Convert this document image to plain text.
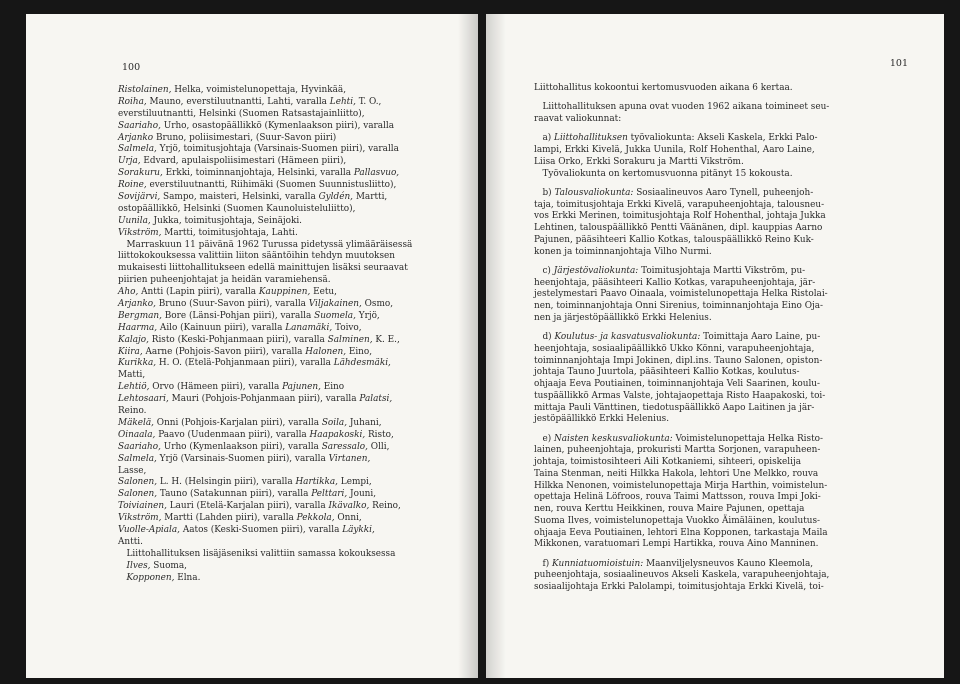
100
Ristolainen, Helka, voimistelunopettaja, Hyvinkää,
Roiha, Mauno, everstiluutnantti, Lahti, varalla Lehti, T. O.,
everstiluutnantti, Helsinki (Suomen Ratsastajainliitto),
Saariaho, Urho, osastopäällikkö (Kymenlaakson piiri), varalla
Arjanko Bruno, poliisimestari, (Suur-Savon piiri)
Salmela, Yrjö, toimitusjohtaja (Varsinais-Suomen piiri), varalla
Urja, Edvard, apulaispoliisimestari (Hämeen piiri),
Sorakuru, Erkki, toiminnanjohtaja, Helsinki, varalla Pallasvuo,
Roine, everstiluutnantti, Riihimäki (Suomen Suunnistusliitto),
Sovijärvi, Sampo, maisteri, Helsinki, varalla Gyldén, Martti,
ostopäällikkö, Helsinki (Suomen Kaunoluisteluliitto),
Uunila, Jukka, toimitusjohtaja, Seinäjoki.
Vikström, Martti, toimitusjohtaja, Lahti.
Marraskuun 11 päivänä 1962 Turussa pidetyssä ylimääräisessä
liittokokouksessa valittiin liiton sääntöihin tehdyn muutoksen
mukaisesti liittohallitukseen edellä mainittujen lisäksi seuraavat
piirien puheenjohtajat ja heidän varamiehensä.
Aho, Antti (Lapin piiri), varalla Kauppinen, Eetu,
Arjanko, Bruno (Suur-Savon piiri), varalla Viljakainen, Osmo,
Bergman, Bore (Länsi-Pohjan piiri), varalla Suomela, Yrjö,
Haarma, Ailo (Kainuun piiri), varalla Lanamäki, Toivo,
Kalajo, Risto (Keski-Pohjanmaan piiri), varalla Salminen, K. E.,
Kiira, Aarne (Pohjois-Savon piiri), varalla Halonen, Eino,
Kurikka, H. O. (Etelä-Pohjanmaan piiri), varalla Lähdesmäki,
Matti,
Lehtiö, Orvo (Hämeen piiri), varalla Pajunen, Eino
Lehtosaari, Mauri (Pohjois-Pohjanmaan piiri), varalla Palatsi,
Reino.
Mäkelä, Onni (Pohjois-Karjalan piiri), varalla Soila, Juhani,
Oinaala, Paavo (Uudenmaan piiri), varalla Haapakoski, Risto,
Saariaho, Urho (Kymenlaakson piiri), varalla Saressalo, Olli,
Salmela, Yrjö (Varsinais-Suomen piiri), varalla Virtanen,
Lasse,
Salonen, L. H. (Helsingin piiri), varalla Hartikka, Lempi,
Salonen, Tauno (Satakunnan piiri), varalla Pelttari, Jouni,
Toiviainen, Lauri (Etelä-Karjalan piiri), varalla Ikävalko, Reino,
Vikström, Martti (Lahden piiri), varalla Pekkola, Onni,
Vuolle-Apiala, Aatos (Keski-Suomen piiri), varalla Läykki,
Antti.
Liittohallituksen lisäjäseniksi valittiin samassa kokouksessa
Ilves, Suoma,
Kopponen, Elna.
101
Liittohallitus kokoontui kertomusvuoden aikana 6 kertaa.
Liittohallituksen apuna ovat vuoden 1962 aikana toimineet seu-
raavat valiokunnat:
a) Liittohallituksen työvaliokunta: Akseli Kaskela, Erkki Palo-
lampi, Erkki Kivelä, Jukka Uunila, Rolf Hohenthal, Aaro Laine,
Liisa Orko, Erkki Sorakuru ja Martti Vikström.
Työvaliokunta on kertomusvuonna pitänyt 15 kokousta.
b) Talousvaliokunta: Sosiaalineuvos Aaro Tynell, puheenjoh-
taja, toimitusjohtaja Erkki Kivelä, varapuheenjohtaja, talousneu-
vos Erkki Merinen, toimitusjohtaja Rolf Hohenthal, johtaja Jukka
Lehtinen, talouspäällikkö Pentti Väänänen, dipl. kauppias Aarno
Pajunen, pääsihteeri Kallio Kotkas, talouspäällikkö Reino Kuk-
konen ja toiminnanjohtaja Vilho Nurmi.
c) Järjestövaliokunta: Toimitusjohtaja Martti Vikström, pu-
heenjohtaja, pääsihteeri Kallio Kotkas, varapuheenjohtaja, jär-
jestelymestari Paavo Oinaala, voimistelunopettaja Helka Ristolai-
nen, toiminnanjohtaja Onni Sirenius, toiminnanjohtaja Eino Oja-
nen ja järjestöpäällikkö Erkki Helenius.
d) Koulutus- ja kasvatusvaliokunta: Toimittaja Aaro Laine, pu-
heenjohtaja, sosiaalipäällikkö Ukko Könni, varapuheenjohtaja,
toiminnanjohtaja Impi Jokinen, dipl.ins. Tauno Salonen, opiston-
johtaja Tauno Juurtola, pääsihteeri Kallio Kotkas, koulutus-
ohjaaja Eeva Poutiainen, toiminnanjohtaja Veli Saarinen, koulu-
tuspäällikkö Armas Valste, johtajaopettaja Risto Haapakoski, toi-
mittaja Pauli Vänttinen, tiedotuspäällikkö Aapo Laitinen ja jär-
jestöpäällikkö Erkki Helenius.
e) Naisten keskusvaliokunta: Voimistelunopettaja Helka Risto-
lainen, puheenjohtaja, prokuristi Martta Sorjonen, varapuheen-
johtaja, toimistosihteeri Aili Kotkaniemi, sihteeri, opiskelija
Taina Stenman, neiti Hilkka Hakola, lehtori Une Melkko, rouva
Hilkka Nenonen, voimistelunopettaja Mirja Harthin, voimistelun-
opettaja Helinä Löfroos, rouva Taimi Mattsson, rouva Impi Joki-
nen, rouva Kerttu Heikkinen, rouva Maire Pajunen, opettaja
Suoma Ilves, voimistelunopettaja Vuokko Äimäläinen, koulutus-
ohjaaja Eeva Poutiainen, lehtori Elna Kopponen, tarkastaja Maila
Mikkonen, varatuomari Lempi Hartikka, rouva Aino Manninen.
f) Kunniatuomioistuin: Maanviljelysneuvos Kauno Kleemola,
puheenjohtaja, sosiaalineuvos Akseli Kaskela, varapuheenjohtaja,
sosiaalijohtaja Erkki Palolampi, toimitusjohtaja Erkki Kivelä, toi-
